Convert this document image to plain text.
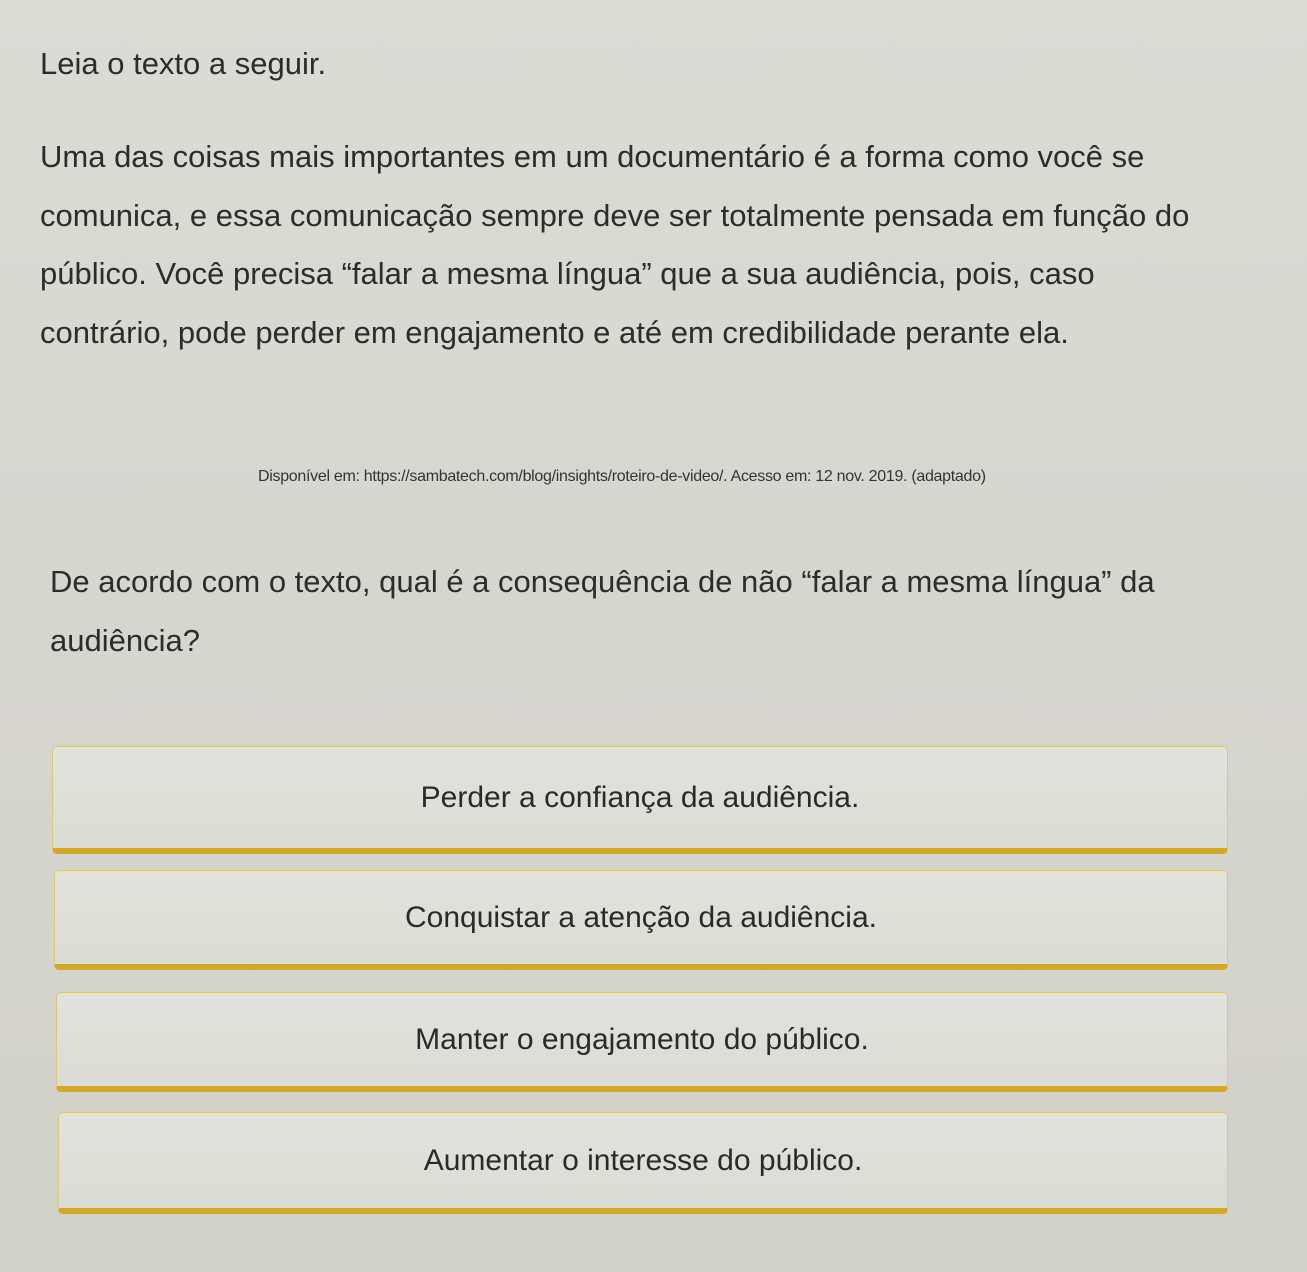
Leia o texto a seguir.

Uma das coisas mais importantes em um documentário é a forma como você se comunica, e essa comunicação sempre deve ser totalmente pensada em função do público. Você precisa “falar a mesma língua” que a sua audiência, pois, caso contrário, pode perder em engajamento e até em credibilidade perante ela.

Disponível em: https://sambatech.com/blog/insights/roteiro-de-video/. Acesso em: 12 nov. 2019. (adaptado)

De acordo com o texto, qual é a consequência de não “falar a mesma língua” da audiência?

Perder a confiança da audiência.
Conquistar a atenção da audiência.
Manter o engajamento do público.
Aumentar o interesse do público.
